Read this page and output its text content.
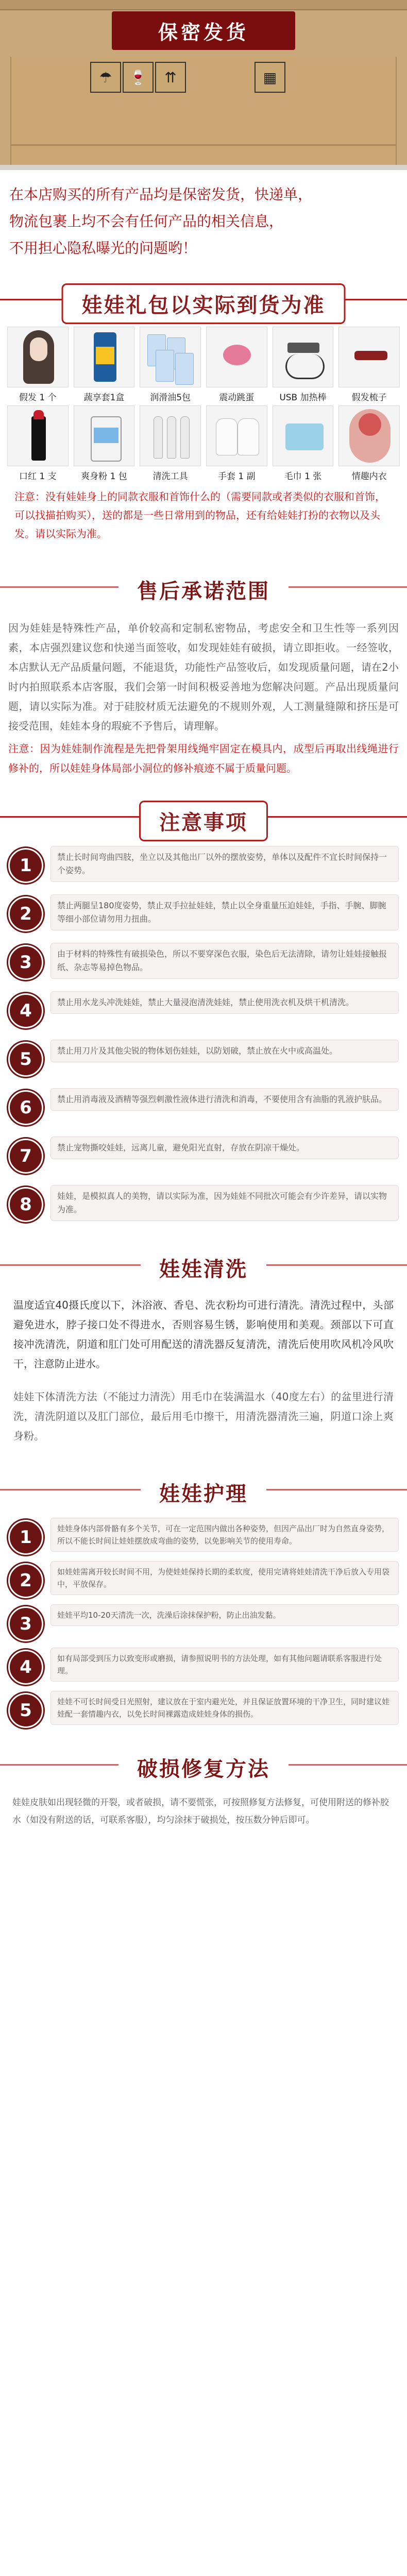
保密发货
☂	🍷	⇈	▦
在本店购买的所有产品均是保密发货，快递单，
物流包裹上均不会有任何产品的相关信息，
不用担心隐私曝光的问题哟！
娃娃礼包以实际到货为准
假发 1 个	蔬享套1盒	润滑油5包	震动跳蛋	USB 加热棒	假发梳子
口红 1 支	爽身粉 1 包	清洗工具	手套 1 副	毛巾 1 张	情趣内衣
注意：没有娃娃身上的同款衣服和首饰什么的（需要同款或者类似的衣服和首饰，可以找描拍购买），送的都是一些日常用到的物品，还有给娃娃打扮的衣物以及头发。请以实际为准。
售后承诺范围

因为娃娃是特殊性产品，单价较高和定制私密物品，考虑安全和卫生性等一系列因素，本店强烈建议您和快递当面签收，如发现娃娃有破损，请立即拒收。一经签收，本店默认无产品质量问题，不能退货，功能性产品签收后，如发现质量问题，请在2小时内拍照联系本店客服，我们会第一时间积极妥善地为您解决问题。产品出现质量问题，请以实际为准。对于硅胶材质无法避免的不规则外观，人工测量缝隙和挤压是可接受范围，娃娃本身的瑕疵不予售后，请理解。

注意：因为娃娃制作流程是先把骨架用线绳牢固定在模具内，成型后再取出线绳进行修补的，所以娃娃身体局部小洞位的修补痕迹不属于质量问题。

注意事项
1	禁止长时间弯曲四肢，坐立以及其他出厂以外的摆放姿势，单体以及配件不宜长时间保持一个姿势。
2	禁止两腿呈180度姿势，禁止双手拉扯娃娃，禁止以全身重量压迫娃娃，手指、手腕、脚腕等细小部位请勿用力扭曲。
3	由于材料的特殊性有破损染色，所以不要穿深色衣服，染色后无法清除，请勿让娃娃接触报纸、杂志等易掉色物品。
4	禁止用水龙头冲洗娃娃，禁止大量浸泡清洗娃娃，禁止使用洗衣机及烘干机清洗。
5	禁止用刀片及其他尖锐的物体划伤娃娃，以防划破，禁止放在火中或高温处。
6	禁止用消毒液及酒精等强烈刺激性液体进行清洗和消毒，不要使用含有油脂的乳液护肤品。
7	禁止宠物撕咬娃娃，远离儿童，避免阳光直射，存放在阴凉干燥处。
8	娃娃，是模拟真人的美物，请以实际为准，因为娃娃不同批次可能会有少许差异，请以实物为准。
娃娃清洗

温度适宜40摄氏度以下，沐浴液、香皂、洗衣粉均可进行清洗。清洗过程中，头部避免进水，脖子接口处不得进水，否则容易生锈，影响使用和美观。颈部以下可直接冲洗清洗，阴道和肛门处可用配送的清洗器反复清洗，清洗后使用吹风机冷风吹干，注意防止进水。

娃娃下体清洗方法（不能过力清洗）用毛巾在装满温水（40度左右）的盆里进行清洗，清洗阴道以及肛门部位，最后用毛巾擦干，用清洗器清洗三遍，阴道口涂上爽身粉。

娃娃护理
1	娃娃身体内部骨骼有多个关节，可在一定范围内做出各种姿势，但因产品出厂时为自然直身姿势，所以不能长时间让娃娃摆放成弯曲的姿势，以免影响关节的使用寿命。
2	如娃娃需离开较长时间不用，为使娃娃保持长期的柔软度，使用完请将娃娃清洗干净后放入专用袋中，平放保存。
3	娃娃平均10-20天清洗一次，洗澡后涂抹保护粉，防止出油发黏。
4	如有局部受到压力以致变形或磨损，请参照说明书的方法处理，如有其他问题请联系客服进行处理。
5	娃娃不可长时间受日光照射，建议放在于室内避光处，并且保证放置环境的干净卫生，同时建议娃娃配一套情趣内衣，以免长时间裸露造成娃娃身体的损伤。
破损修复方法
娃娃皮肤如出现轻微的开裂，或者破损，请不要慌张，可按照修复方法修复，可使用附送的修补胶水（如没有附送的话，可联系客服），均匀涂抹于破损处，按压数分钟后即可。
